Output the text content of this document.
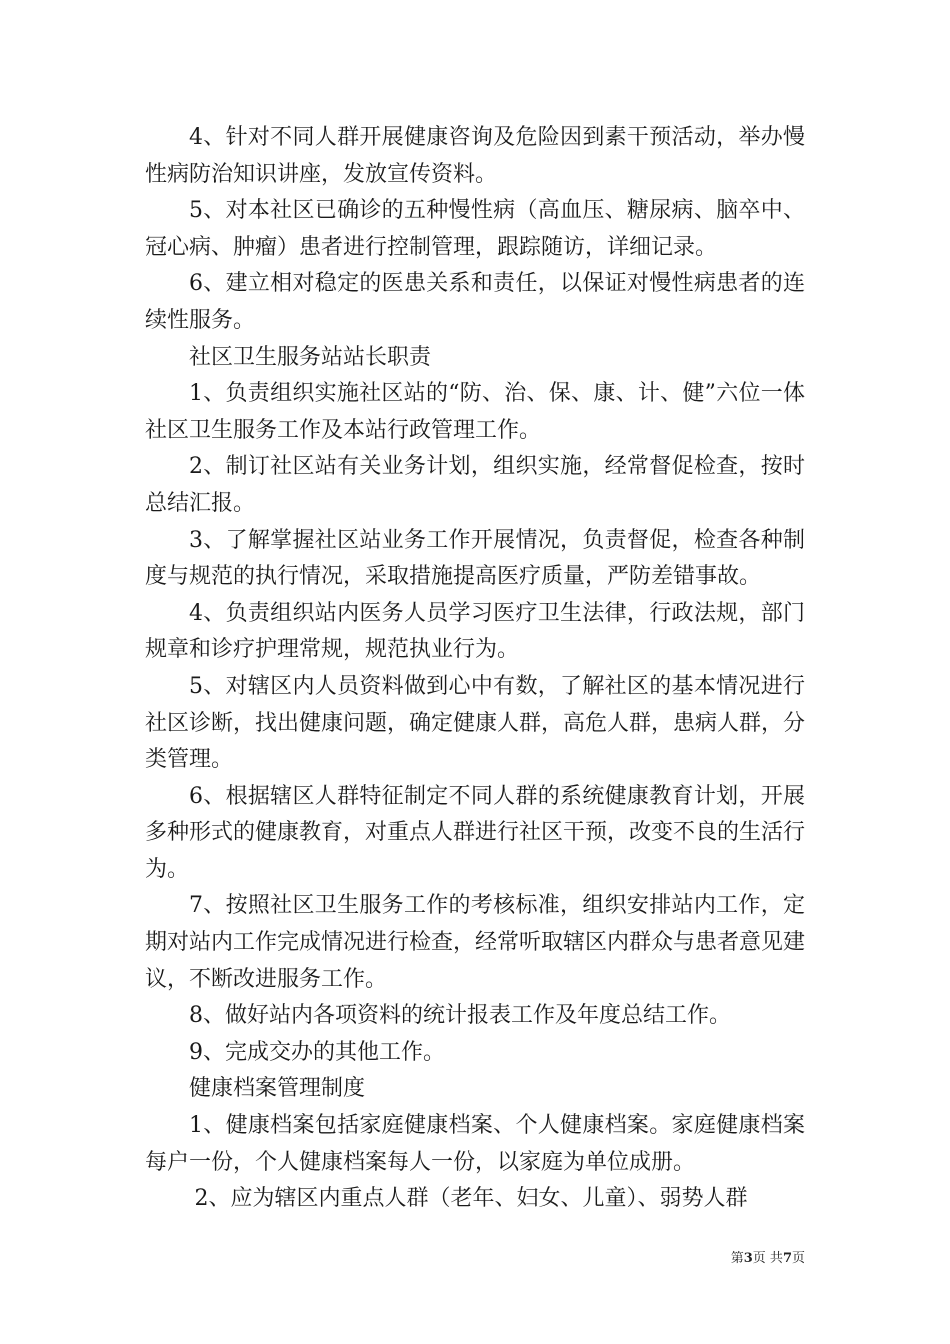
4、针对不同人群开展健康咨询及危险因到素干预活动，举办慢性病防治知识讲座，发放宣传资料。

5、对本社区已确诊的五种慢性病（高血压、糖尿病、脑卒中、冠心病、肿瘤）患者进行控制管理，跟踪随访，详细记录。

6、建立相对稳定的医患关系和责任，以保证对慢性病患者的连续性服务。

社区卫生服务站站长职责

1、负责组织实施社区站的“防、治、保、康、计、健”六位一体社区卫生服务工作及本站行政管理工作。

2、制订社区站有关业务计划，组织实施，经常督促检查，按时总结汇报。

3、了解掌握社区站业务工作开展情况，负责督促，检查各种制度与规范的执行情况，采取措施提高医疗质量，严防差错事故。

4、负责组织站内医务人员学习医疗卫生法律，行政法规，部门规章和诊疗护理常规，规范执业行为。

5、对辖区内人员资料做到心中有数，了解社区的基本情况进行社区诊断，找出健康问题，确定健康人群，高危人群，患病人群，分类管理。

6、根据辖区人群特征制定不同人群的系统健康教育计划，开展多种形式的健康教育，对重点人群进行社区干预，改变不良的生活行为。

7、按照社区卫生服务工作的考核标准，组织安排站内工作，定期对站内工作完成情况进行检查，经常听取辖区内群众与患者意见建议，不断改进服务工作。

8、做好站内各项资料的统计报表工作及年度总结工作。

9、完成交办的其他工作。

健康档案管理制度

1、健康档案包括家庭健康档案、个人健康档案。家庭健康档案每户一份，个人健康档案每人一份，以家庭为单位成册。

2、应为辖区内重点人群（老年、妇女、儿童）、弱势人群

第3页 共7页
